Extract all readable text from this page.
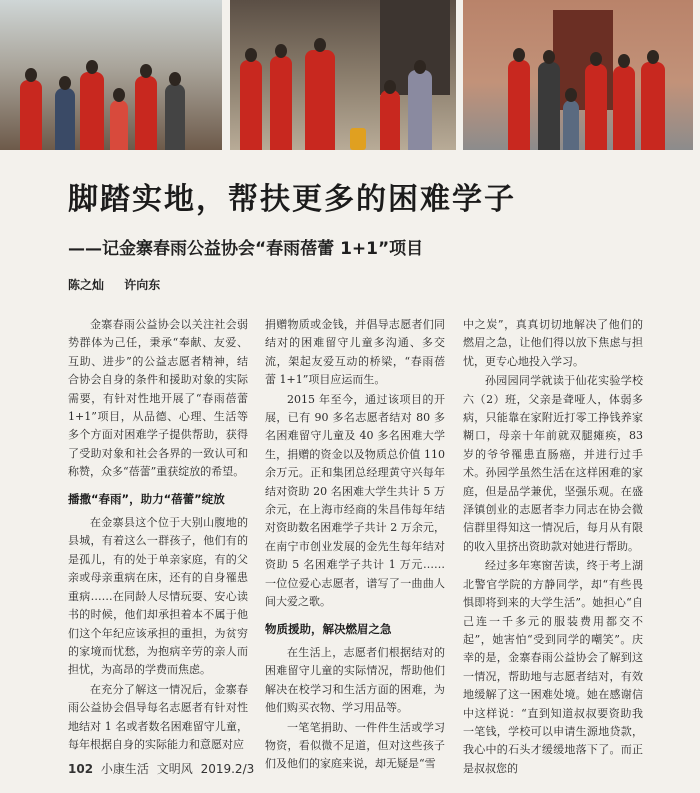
脚踏实地，帮扶更多的困难学子
——记金寨春雨公益协会“春雨蓓蕾 1+1”项目
陈之灿 许向东

金寨春雨公益协会以关注社会弱势群体为己任，秉承“奉献、友爱、互助、进步”的公益志愿者精神，结合协会自身的条件和援助对象的实际需要，有针对性地开展了“春雨蓓蕾 1+1”项目，从品德、心理、生活等多个方面对困难学子提供帮助，获得了受助对象和社会各界的一致认可和称赞，众多“蓓蕾”重获绽放的希望。

播撒“春雨”，助力“蓓蕾”绽放

在金寨县这个位于大别山腹地的县城，有着这么一群孩子，他们有的是孤儿，有的处于单亲家庭，有的父亲或母亲重病在床，还有的自身罹患重病……在同龄人尽情玩耍、安心读书的时候，他们却承担着本不属于他们这个年纪应该承担的重担，为贫穷的家境而忧愁，为抱病辛劳的亲人而担忧，为高昂的学费而焦虑。

在充分了解这一情况后，金寨春雨公益协会倡导每名志愿者有针对性地结对 1 名或者数名困难留守儿童，每年根据自身的实际能力和意愿对应

捐赠物质或金钱，并倡导志愿者们同结对的困难留守儿童多沟通、多交流，架起友爱互动的桥梁，“春雨蓓蕾 1+1”项目应运而生。

2015 年至今，通过该项目的开展，已有 90 多名志愿者结对 80 多名困难留守儿童及 40 多名困难大学生，捐赠的资金以及物质总价值 110 余万元。正和集团总经理黄守兴每年结对资助 20 名困难大学生共计 5 万余元，在上海市经商的朱昌伟每年结对资助数名困难学子共计 2 万余元，在南宁市创业发展的金先生每年结对资助 5 名困难学子共计 1 万元……一位位爱心志愿者，谱写了一曲曲人间大爱之歌。

物质援助，解决燃眉之急

在生活上，志愿者们根据结对的困难留守儿童的实际情况，帮助他们解决在校学习和生活方面的困难，为他们购买衣物、学习用品等。

一笔笔捐助、一件件生活或学习物资，看似微不足道，但对这些孩子们及他们的家庭来说，却无疑是“雪

中之炭”，真真切切地解决了他们的燃眉之急，让他们得以放下焦虑与担忧，更专心地投入学习。

孙园园同学就读于仙花实验学校六（2）班，父亲是聋哑人，体弱多病，只能靠在家附近打零工挣钱养家糊口，母亲十年前就双腿瘫痪，83 岁的爷爷罹患直肠癌，并进行过手术。孙园学虽然生活在这样困难的家庭，但是品学兼优，坚强乐观。在盛泽镇创业的志愿者李力同志在协会微信群里得知这一情况后，每月从有限的收入里挤出资助款对她进行帮助。

经过多年寒窗苦读，终于考上湖北警官学院的方静同学，却“有些畏惧即将到来的大学生活”。她担心“自己连一千多元的服装费用都交不起”，她害怕“受到同学的嘲笑”。庆幸的是，金寨春雨公益协会了解到这一情况，帮助地与志愿者结对，有效地缓解了这一困难处境。她在感谢信中这样说：“直到知道叔叔要资助我一笔钱，学校可以申请生源地贷款，我心中的石头才缓缓地落下了。而正是叔叔您的

102 小康生活 文明风 2019.2/3
